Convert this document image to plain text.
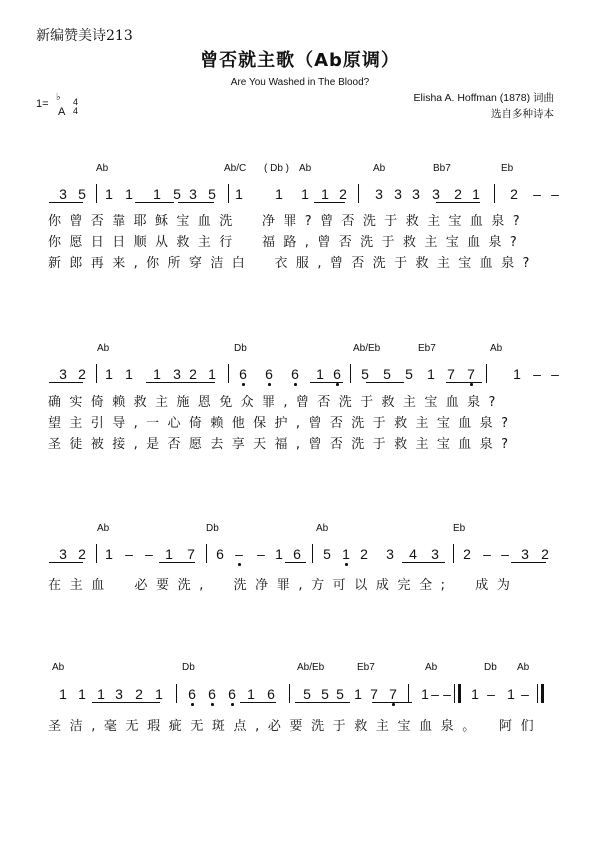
新编赞美诗213
曾否就主歌（Ab原调）
Are You Washed in The Blood?
Elisha A. Hoffman (1878) 词曲
选自多种诗本
1=
♭
A
4
4
Ab	Ab/C ( Db ) Ab	Ab	Bb7	Eb
3 5 1 1 1 5 3 5 1 1 1 1 2 3 3 3 3 2 1 2 – –
你曾否靠耶稣宝血洗　净罪?曾否洗于救主宝血泉?
你愿日日顺从救主行　福路,曾否洗于救主宝血泉?
新郎再来,你所穿洁白　衣服,曾否洗于救主宝血泉?
Ab	Db	Ab/Eb	Eb7	Ab
3 2 1 1 1 3 2 1 6 6 6 1 6 5 5 5 1 7 7	1 – –
确实倚赖救主施恩免众罪,曾否洗于救主宝血泉?
望主引导,一心倚赖他保护,曾否洗于救主宝血泉?
圣徒被接,是否愿去享天福,曾否洗于救主宝血泉?
Ab	Db	Ab	Eb
3 2 1 – – 1 7 6 – – 1 6 5 1 2 3 4 3 2 – – 3 2
在主血　必要洗,　洗净罪,方可以成完全;　成为
Ab	Db	Ab/Eb	Eb7	Ab	Db Ab
1 1 1 3 2 1 6 6 6 1 6 5 5 5 1 7 7 1 – – 1 – 1 –
圣洁,毫无瑕疵无斑点,必要洗于救主宝血泉。　阿们
